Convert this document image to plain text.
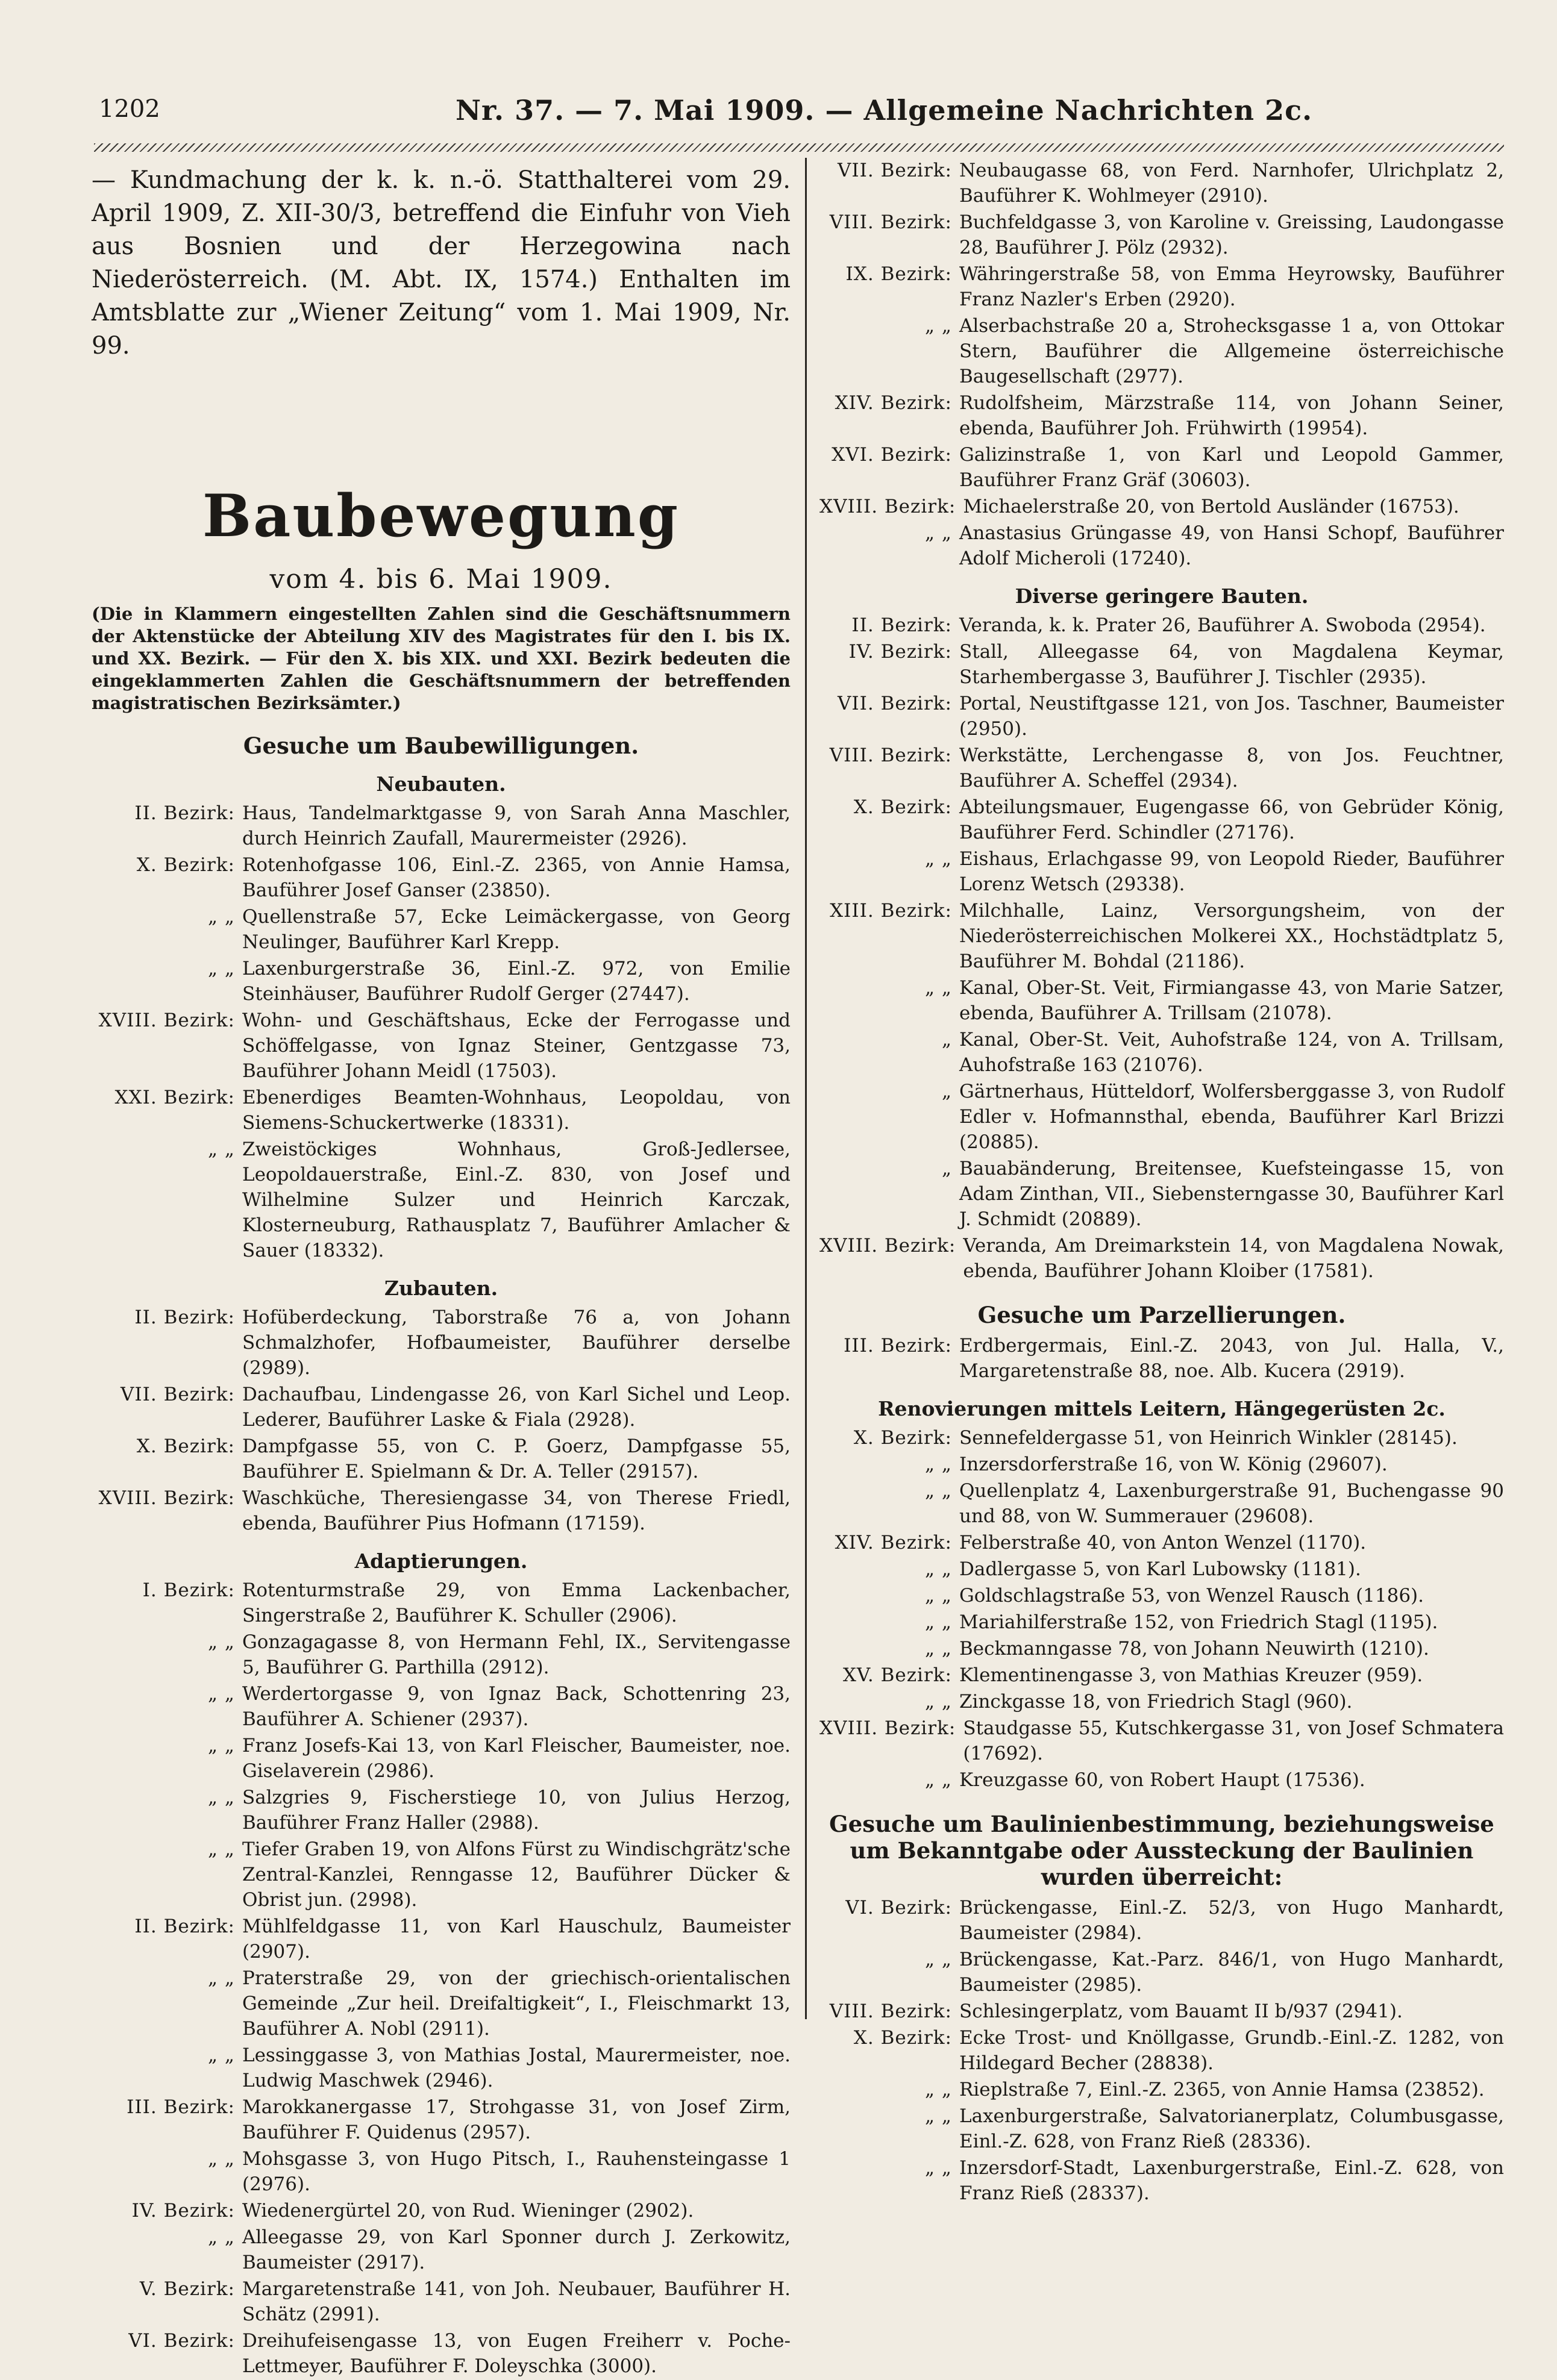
1202	Nr. 37. — 7. Mai 1909. — Allgemeine Nachrichten 2c.

— Kundmachung der k. k. n.-ö. Statthalterei vom 29. April 1909, Z. XII-30/3, betreffend die Einfuhr von Vieh aus Bosnien und der Herzegowina nach Niederösterreich. (M. Abt. IX, 1574.) Enthalten im Amtsblatte zur „Wiener Zeitung“ vom 1. Mai 1909, Nr. 99.

Baubewegung
vom 4. bis 6. Mai 1909.
(Die in Klammern eingestellten Zahlen sind die Geschäftsnummern der Aktenstücke der Abteilung XIV des Magistrates für den I. bis IX. und XX. Bezirk. — Für den X. bis XIX. und XXI. Bezirk bedeuten die eingeklammerten Zahlen die Geschäftsnummern der betreffenden magistratischen Bezirksämter.)
Gesuche um Baubewilligungen.
Neubauten.
II. Bezirk: Haus, Tandelmarktgasse 9, von Sarah Anna Maschler, durch Heinrich Zaufall, Maurermeister (2926).
X. Bezirk: Rotenhofgasse 106, Einl.-Z. 2365, von Annie Hamsa, Bauführer Josef Ganser (23850).
„ „ Quellenstraße 57, Ecke Leimäckergasse, von Georg Neulinger, Bauführer Karl Krepp.
„ „ Laxenburgerstraße 36, Einl.-Z. 972, von Emilie Steinhäuser, Bauführer Rudolf Gerger (27447).
XVIII. Bezirk: Wohn- und Geschäftshaus, Ecke der Ferrogasse und Schöffelgasse, von Ignaz Steiner, Gentzgasse 73, Bauführer Johann Meidl (17503).
XXI. Bezirk: Ebenerdiges Beamten-Wohnhaus, Leopoldau, von Siemens-Schuckertwerke (18331).
„ „ Zweistöckiges Wohnhaus, Groß-Jedlersee, Leopoldauerstraße, Einl.-Z. 830, von Josef und Wilhelmine Sulzer und Heinrich Karczak, Klosterneuburg, Rathausplatz 7, Bauführer Amlacher & Sauer (18332).
Zubauten.
II. Bezirk: Hofüberdeckung, Taborstraße 76 a, von Johann Schmalzhofer, Hofbaumeister, Bauführer derselbe (2989).
VII. Bezirk: Dachaufbau, Lindengasse 26, von Karl Sichel und Leop. Lederer, Bauführer Laske & Fiala (2928).
X. Bezirk: Dampfgasse 55, von C. P. Goerz, Dampfgasse 55, Bauführer E. Spielmann & Dr. A. Teller (29157).
XVIII. Bezirk: Waschküche, Theresiengasse 34, von Therese Friedl, ebenda, Bauführer Pius Hofmann (17159).
Adaptierungen.
I. Bezirk: Rotenturmstraße 29, von Emma Lackenbacher, Singerstraße 2, Bauführer K. Schuller (2906).
„ „ Gonzagagasse 8, von Hermann Fehl, IX., Servitengasse 5, Bauführer G. Parthilla (2912).
„ „ Werdertorgasse 9, von Ignaz Back, Schottenring 23, Bauführer A. Schiener (2937).
„ „ Franz Josefs-Kai 13, von Karl Fleischer, Baumeister, noe. Giselaverein (2986).
„ „ Salzgries 9, Fischerstiege 10, von Julius Herzog, Bauführer Franz Haller (2988).
„ „ Tiefer Graben 19, von Alfons Fürst zu Windischgrätz'sche Zentral-Kanzlei, Renngasse 12, Bauführer Dücker & Obrist jun. (2998).
II. Bezirk: Mühlfeldgasse 11, von Karl Hauschulz, Baumeister (2907).
„ „ Praterstraße 29, von der griechisch-orientalischen Gemeinde „Zur heil. Dreifaltigkeit“, I., Fleischmarkt 13, Bauführer A. Nobl (2911).
„ „ Lessinggasse 3, von Mathias Jostal, Maurermeister, noe. Ludwig Maschwek (2946).
III. Bezirk: Marokkanergasse 17, Strohgasse 31, von Josef Zirm, Bauführer F. Quidenus (2957).
„ „ Mohsgasse 3, von Hugo Pitsch, I., Rauhensteingasse 1 (2976).
IV. Bezirk: Wiedenergürtel 20, von Rud. Wieninger (2902).
„ „ Alleegasse 29, von Karl Sponner durch J. Zerkowitz, Baumeister (2917).
V. Bezirk: Margaretenstraße 141, von Joh. Neubauer, Bauführer H. Schätz (2991).
VI. Bezirk: Dreihufeisengasse 13, von Eugen Freiherr v. Poche-Lettmeyer, Bauführer F. Doleyschka (3000).
VII. Bezirk: Neubaugasse 68, von Ferd. Narnhofer, Ulrichplatz 2, Bauführer K. Wohlmeyer (2910).
VIII. Bezirk: Buchfeldgasse 3, von Karoline v. Greissing, Laudongasse 28, Bauführer J. Pölz (2932).
IX. Bezirk: Währingerstraße 58, von Emma Heyrowsky, Bauführer Franz Nazler's Erben (2920).
„ „ Alserbachstraße 20 a, Strohecksgasse 1 a, von Ottokar Stern, Bauführer die Allgemeine österreichische Baugesellschaft (2977).
XIV. Bezirk: Rudolfsheim, Märzstraße 114, von Johann Seiner, ebenda, Bauführer Joh. Frühwirth (19954).
XVI. Bezirk: Galizinstraße 1, von Karl und Leopold Gammer, Bauführer Franz Gräf (30603).
XVIII. Bezirk: Michaelerstraße 20, von Bertold Ausländer (16753).
„ „ Anastasius Grüngasse 49, von Hansi Schopf, Bauführer Adolf Micheroli (17240).
Diverse geringere Bauten.
II. Bezirk: Veranda, k. k. Prater 26, Bauführer A. Swoboda (2954).
IV. Bezirk: Stall, Alleegasse 64, von Magdalena Keymar, Starhembergasse 3, Bauführer J. Tischler (2935).
VII. Bezirk: Portal, Neustiftgasse 121, von Jos. Taschner, Baumeister (2950).
VIII. Bezirk: Werkstätte, Lerchengasse 8, von Jos. Feuchtner, Bauführer A. Scheffel (2934).
X. Bezirk: Abteilungsmauer, Eugengasse 66, von Gebrüder König, Bauführer Ferd. Schindler (27176).
„ „ Eishaus, Erlachgasse 99, von Leopold Rieder, Bauführer Lorenz Wetsch (29338).
XIII. Bezirk: Milchhalle, Lainz, Versorgungsheim, von der Niederösterreichischen Molkerei XX., Hochstädtplatz 5, Bauführer M. Bohdal (21186).
„ „ Kanal, Ober-St. Veit, Firmiangasse 43, von Marie Satzer, ebenda, Bauführer A. Trillsam (21078).
„ Kanal, Ober-St. Veit, Auhofstraße 124, von A. Trillsam, Auhofstraße 163 (21076).
„ Gärtnerhaus, Hütteldorf, Wolfersberggasse 3, von Rudolf Edler v. Hofmannsthal, ebenda, Bauführer Karl Brizzi (20885).
„ Bauabänderung, Breitensee, Kuefsteingasse 15, von Adam Zinthan, VII., Siebensterngasse 30, Bauführer Karl J. Schmidt (20889).
XVIII. Bezirk: Veranda, Am Dreimarkstein 14, von Magdalena Nowak, ebenda, Bauführer Johann Kloiber (17581).
Gesuche um Parzellierungen.
III. Bezirk: Erdbergermais, Einl.-Z. 2043, von Jul. Halla, V., Margaretenstraße 88, noe. Alb. Kucera (2919).
Renovierungen mittels Leitern, Hängegerüsten 2c.
X. Bezirk: Sennefeldergasse 51, von Heinrich Winkler (28145).
„ „ Inzersdorferstraße 16, von W. König (29607).
„ „ Quellenplatz 4, Laxenburgerstraße 91, Buchengasse 90 und 88, von W. Summerauer (29608).
XIV. Bezirk: Felberstraße 40, von Anton Wenzel (1170).
„ „ Dadlergasse 5, von Karl Lubowsky (1181).
„ „ Goldschlagstraße 53, von Wenzel Rausch (1186).
„ „ Mariahilferstraße 152, von Friedrich Stagl (1195).
„ „ Beckmanngasse 78, von Johann Neuwirth (1210).
XV. Bezirk: Klementinengasse 3, von Mathias Kreuzer (959).
„ „ Zinckgasse 18, von Friedrich Stagl (960).
XVIII. Bezirk: Staudgasse 55, Kutschkergasse 31, von Josef Schmatera (17692).
„ „ Kreuzgasse 60, von Robert Haupt (17536).
Gesuche um Baulinienbestimmung, beziehungsweise um Bekanntgabe oder Aussteckung der Baulinien wurden überreicht:
VI. Bezirk: Brückengasse, Einl.-Z. 52/3, von Hugo Manhardt, Baumeister (2984).
„ „ Brückengasse, Kat.-Parz. 846/1, von Hugo Manhardt, Baumeister (2985).
VIII. Bezirk: Schlesingerplatz, vom Bauamt II b/937 (2941).
X. Bezirk: Ecke Trost- und Knöllgasse, Grundb.-Einl.-Z. 1282, von Hildegard Becher (28838).
„ „ Rieplstraße 7, Einl.-Z. 2365, von Annie Hamsa (23852).
„ „ Laxenburgerstraße, Salvatorianerplatz, Columbusgasse, Einl.-Z. 628, von Franz Rieß (28336).
„ „ Inzersdorf-Stadt, Laxenburgerstraße, Einl.-Z. 628, von Franz Rieß (28337).
